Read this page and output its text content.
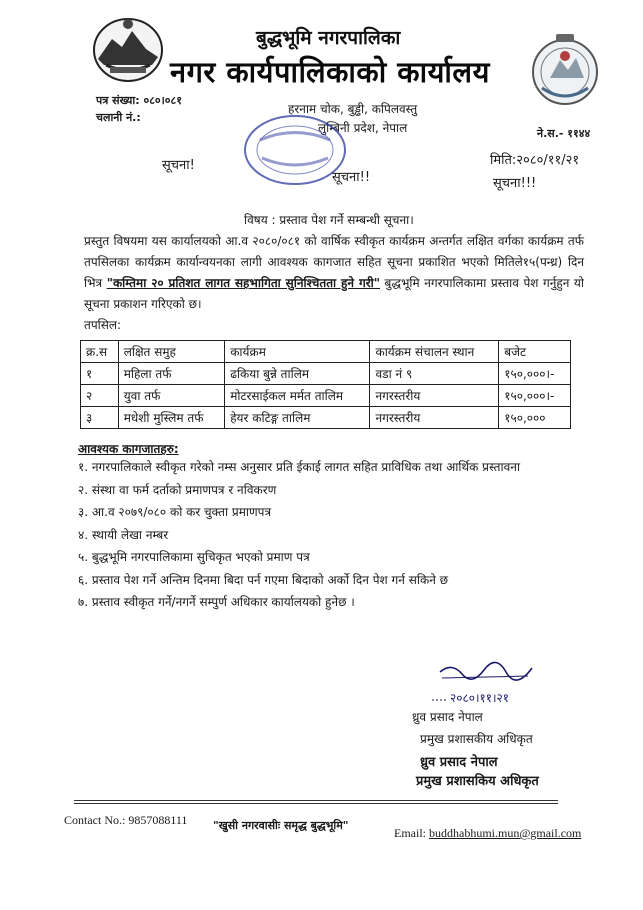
बुद्धभूमि नगरपालिका
नगर कार्यपालिकाको कार्यालय
हरनाम चोक, बुड्ढी, कपिलवस्तु
लुम्बिनी प्रदेश, नेपाल
पत्र संख्या: ०८०।०८१
चलानी नं.:
ने.स.- ११४४
सूचना!
सूचना!!	सूचना!!!
मिति:२०८०/११/२१
विषय : प्रस्ताव पेश गर्ने सम्बन्धी सूचना।
प्रस्तुत विषयमा यस कार्यालयको आ.व २०८०/०८१ को वार्षिक स्वीकृत कार्यक्रम अन्तर्गत लक्षित वर्गका कार्यक्रम तर्फ तपसिलका कार्यक्रम कार्यान्वयनका लागी आवश्यक कागजात सहित सूचना प्रकाशित भएको मितिले१५(पन्ध्र) दिन भित्र "कम्तिमा २० प्रतिशत लागत सहभागिता सुनिश्चितता हुने गरी" बुद्धभूमि नगरपालिकामा प्रस्ताव पेश गर्नुहुन यो सूचना प्रकाशन गरिएको छ।
तपसिल:
क्र.स	लक्षित समुह	कार्यक्रम	कार्यक्रम संचालन स्थान	बजेट
१	महिला तर्फ	ढकिया बुन्ने तालिम	वडा नं ९	१५०,०००।-
२	युवा तर्फ	मोटरसाईकल मर्मत तालिम	नगरस्तरीय	१५०,०००।-
३	मधेशी मुस्लिम तर्फ	हेयर कटिङ्ग तालिम	नगरस्तरीय	१५०,०००
आवश्यक कागजातहरु:
१. नगरपालिकाले स्वीकृत गरेको नम्स अनुसार प्रति ईकाई लागत सहित प्राविधिक तथा आर्थिक प्रस्तावना
२. संस्था वा फर्म दर्ताको प्रमाणपत्र र नविकरण
३. आ.व २०७९/०८० को कर चुक्ता प्रमाणपत्र
४. स्थायी लेखा नम्बर
५. बुद्धभूमि नगरपालिकामा सुचिकृत भएको प्रमाण पत्र
६. प्रस्ताव पेश गर्ने अन्तिम दिनमा बिदा पर्न गएमा बिदाको अर्को दिन पेश गर्न सकिने छ
७. प्रस्ताव स्वीकृत गर्ने/नगर्ने सम्पुर्ण अधिकार कार्यालयको हुनेछ ।
२०८०।११।२१
ध्रुव प्रसाद नेपाल
प्रमुख प्रशासकीय अधिकृत
ध्रुव प्रसाद नेपाल
प्रमुख प्रशासकिय अधिकृत
Contact No.: 9857088111 "खुसी नगरवासीः समृद्ध बुद्धभूमि"
Email: buddhabhumi.mun@gmail.com
